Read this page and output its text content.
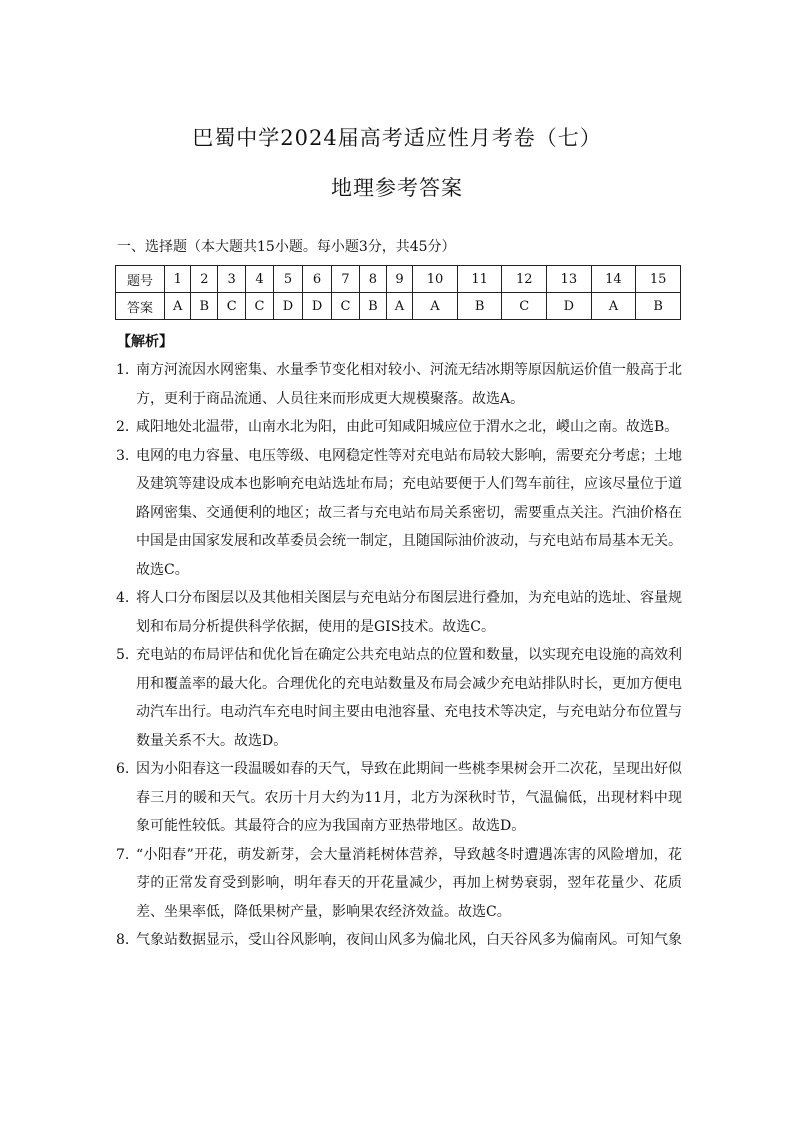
巴蜀中学2024届高考适应性月考卷（七）
地理参考答案
一、选择题（本大题共15小题。每小题3分，共45分）
题号	1	2	3	4	5	6	7	8	9	10	11	12	13	14	15
答案	A	B	C	C	D	D	C	B	A	A	B	C	D	A	B
【解析】
1. 南方河流因水网密集、水量季节变化相对较小、河流无结冰期等原因航运价值一般高于北方，更利于商品流通、人员往来而形成更大规模聚落。故选A。
2. 咸阳地处北温带，山南水北为阳，由此可知咸阳城应位于渭水之北，嵕山之南。故选B。
3. 电网的电力容量、电压等级、电网稳定性等对充电站布局较大影响，需要充分考虑；土地及建筑等建设成本也影响充电站选址布局；充电站要便于人们驾车前往，应该尽量位于道路网密集、交通便利的地区；故三者与充电站布局关系密切，需要重点关注。汽油价格在中国是由国家发展和改革委员会统一制定，且随国际油价波动，与充电站布局基本无关。故选C。
4. 将人口分布图层以及其他相关图层与充电站分布图层进行叠加，为充电站的选址、容量规划和布局分析提供科学依据，使用的是GIS技术。故选C。
5. 充电站的布局评估和优化旨在确定公共充电站点的位置和数量，以实现充电设施的高效利用和覆盖率的最大化。合理优化的充电站数量及布局会减少充电站排队时长，更加方便电动汽车出行。电动汽车充电时间主要由电池容量、充电技术等决定，与充电站分布位置与数量关系不大。故选D。
6. 因为小阳春这一段温暖如春的天气，导致在此期间一些桃李果树会开二次花，呈现出好似春三月的暖和天气。农历十月大约为11月，北方为深秋时节，气温偏低，出现材料中现象可能性较低。其最符合的应为我国南方亚热带地区。故选D。
7. “小阳春”开花，萌发新芽，会大量消耗树体营养，导致越冬时遭遇冻害的风险增加，花芽的正常发育受到影响，明年春天的开花量减少，再加上树势衰弱，翌年花量少、花质差、坐果率低，降低果树产量，影响果农经济效益。故选C。
8. 气象站数据显示，受山谷风影响，夜间山风多为偏北风，白天谷风多为偏南风。可知气象
